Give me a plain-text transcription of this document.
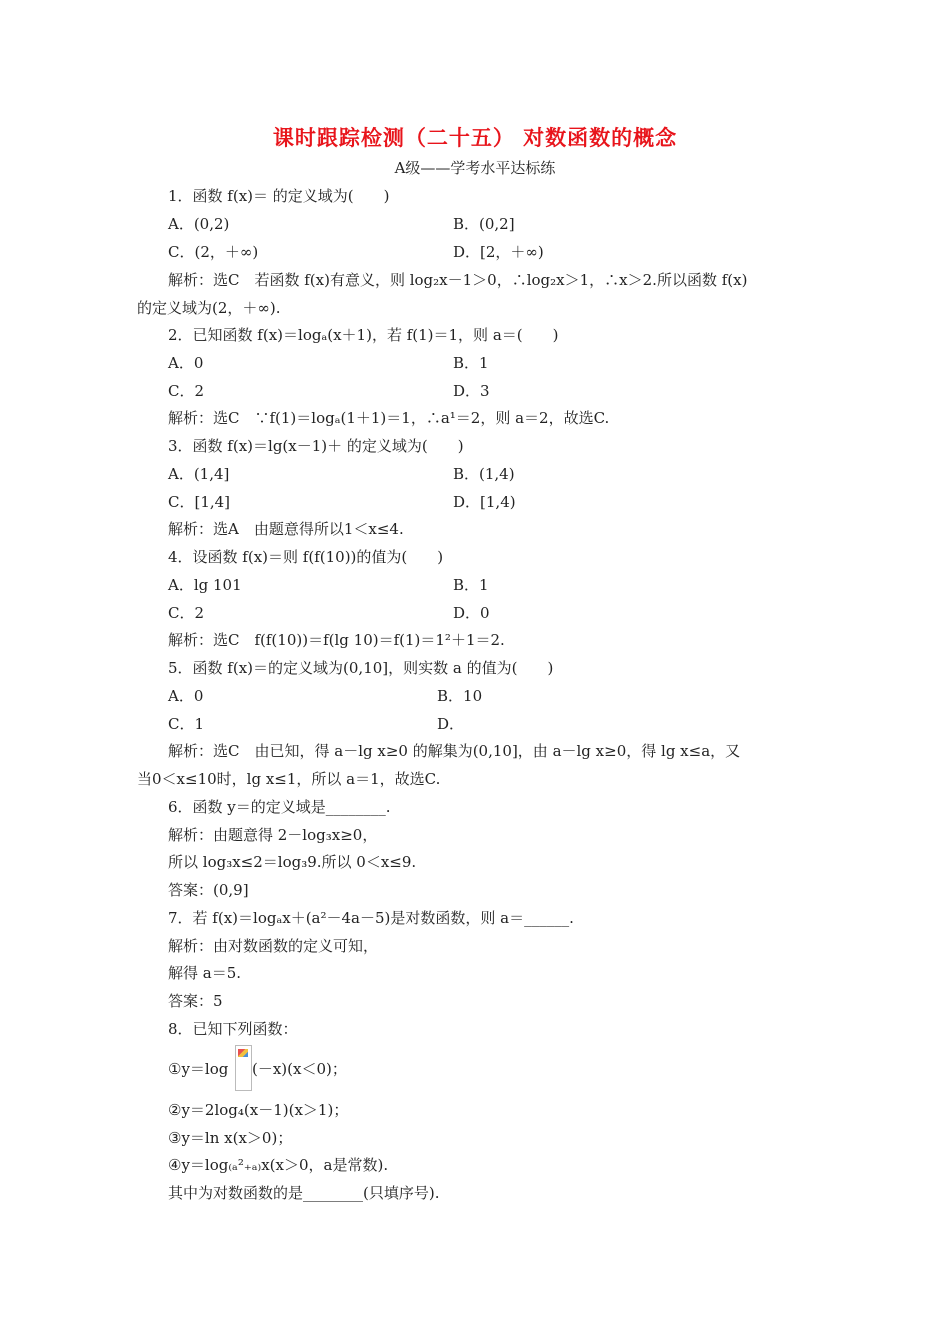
课时跟踪检测（二十五） 对数函数的概念
A级——学考水平达标练
1．函数 f(x)＝ 的定义域为(　　)
A．(0,2)	B．(0,2]
C．(2，＋∞)	D．[2，＋∞)
解析：选C　若函数 f(x)有意义，则 log₂x－1＞0，∴log₂x＞1，∴x＞2.所以函数 f(x)
的定义域为(2，＋∞).
2．已知函数 f(x)＝logₐ(x＋1)，若 f(1)＝1，则 a＝(　　)
A．0	B．1
C．2	D．3
解析：选C　∵f(1)＝logₐ(1＋1)＝1，∴a¹＝2，则 a＝2，故选C.
3．函数 f(x)＝lg(x－1)＋ 的定义域为(　　)
A．(1,4]	B．(1,4)
C．[1,4]	D．[1,4)
解析：选A　由题意得所以1＜x≤4.
4．设函数 f(x)＝则 f(f(10))的值为(　　)
A．lg 101	B．1
C．2	D．0
解析：选C　f(f(10))＝f(lg 10)＝f(1)＝1²＋1＝2.
5．函数 f(x)＝的定义域为(0,10]，则实数 a 的值为(　　)
A．0	B．10
C．1	D．
解析：选C　由已知，得 a－lg x≥0 的解集为(0,10]，由 a－lg x≥0，得 lg x≤a，又
当0＜x≤10时，lg x≤1，所以 a＝1，故选C.
6．函数 y＝的定义域是________.
解析：由题意得 2－log₃x≥0，
所以 log₃x≤2＝log₃9.所以 0＜x≤9.
答案：(0,9]
7．若 f(x)＝logₐx＋(a²－4a－5)是对数函数，则 a＝______.
解析：由对数函数的定义可知，
解得 a＝5.
答案：5
8．已知下列函数：
①y＝log (－x)(x＜0)；
②y＝2log₄(x－1)(x＞1)；
③y＝ln x(x＞0)；
④y＝log₍ₐ²₊ₐ₎x(x＞0，a是常数).
其中为对数函数的是________(只填序号).
